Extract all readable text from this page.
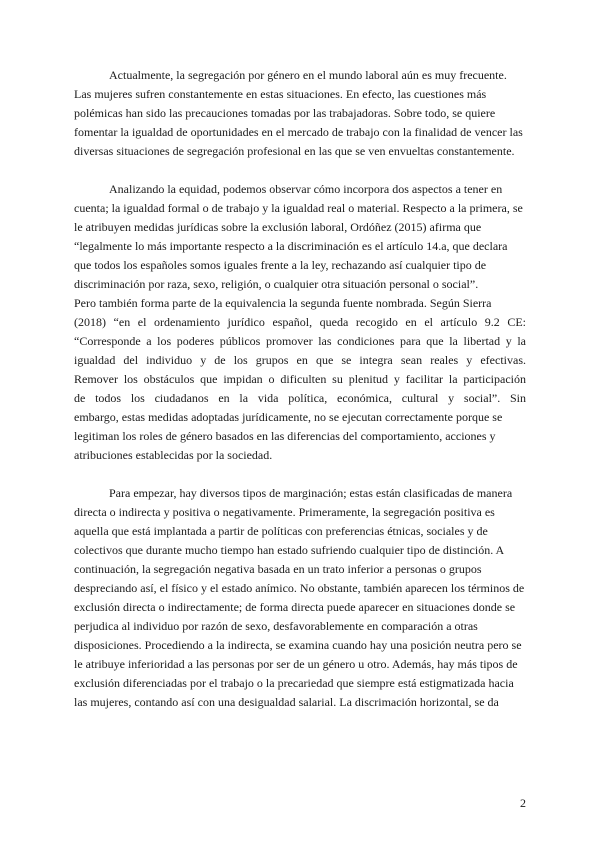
Actualmente, la segregación por género en el mundo laboral aún es muy frecuente.
Las mujeres sufren constantemente en estas situaciones. En efecto, las cuestiones más
polémicas han sido las precauciones tomadas por las trabajadoras. Sobre todo, se quiere
fomentar la igualdad de oportunidades en el mercado de trabajo con la finalidad de vencer las
diversas situaciones de segregación profesional en las que se ven envueltas constantemente.
Analizando la equidad, podemos observar cómo incorpora dos aspectos a tener en
cuenta; la igualdad formal o de trabajo y la igualdad real o material. Respecto a la primera, se
le atribuyen medidas jurídicas sobre la exclusión laboral, Ordóñez (2015) afirma que
“legalmente lo más importante respecto a la discriminación es el artículo 14.a, que declara
que todos los españoles somos iguales frente a la ley, rechazando así cualquier tipo de
discriminación por raza, sexo, religión, o cualquier otra situación personal o social”.
Pero también forma parte de la equivalencia la segunda fuente nombrada. Según Sierra
(2018) “en el ordenamiento jurídico español, queda recogido en el artículo 9.2 CE:
“Corresponde a los poderes públicos promover las condiciones para que la libertad y la
igualdad del individuo y de los grupos en que se integra sean reales y efectivas.
Remover los obstáculos que impidan o dificulten su plenitud y facilitar la participación
de todos los ciudadanos en la vida política, económica, cultural y social”. Sin
embargo, estas medidas adoptadas jurídicamente, no se ejecutan correctamente porque se
legitiman los roles de género basados en las diferencias del comportamiento, acciones y
atribuciones establecidas por la sociedad.
Para empezar, hay diversos tipos de marginación; estas están clasificadas de manera
directa o indirecta y positiva o negativamente. Primeramente, la segregación positiva es
aquella que está implantada a partir de políticas con preferencias étnicas, sociales y de
colectivos que durante mucho tiempo han estado sufriendo cualquier tipo de distinción. A
continuación, la segregación negativa basada en un trato inferior a personas o grupos
despreciando así, el físico y el estado anímico. No obstante, también aparecen los términos de
exclusión directa o indirectamente; de forma directa puede aparecer en situaciones donde se
perjudica al individuo por razón de sexo, desfavorablemente en comparación a otras
disposiciones. Procediendo a la indirecta, se examina cuando hay una posición neutra pero se
le atribuye inferioridad a las personas por ser de un género u otro. Además, hay más tipos de
exclusión diferenciadas por el trabajo o la precariedad que siempre está estigmatizada hacia
las mujeres, contando así con una desigualdad salarial. La discrimación horizontal, se da
2
